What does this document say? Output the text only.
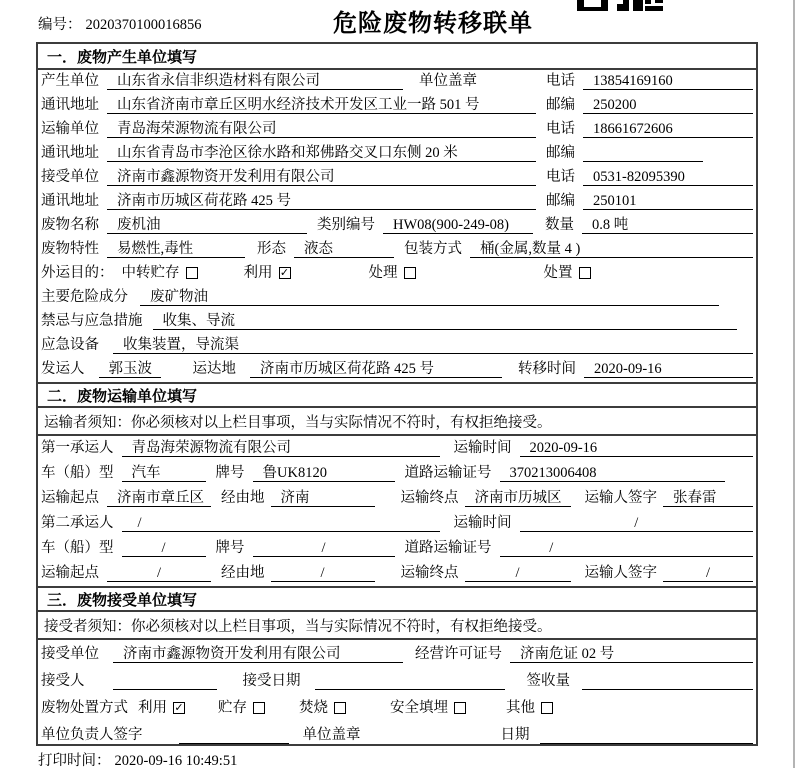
编号： 2020370100016856	危险废物转移联单
一．废物产生单位填写
产生单位	山东省永信非织造材料有限公司	单位盖章	电话	13854169160
通讯地址	山东省济南市章丘区明水经济技术开发区工业一路 501 号	邮编	250200
运输单位	青岛海荣源物流有限公司	电话	18661672606
通讯地址	山东省青岛市李沧区徐水路和郑佛路交叉口东侧 20 米	邮编
接受单位	济南市鑫源物资开发利用有限公司	电话	0531-82095390
通讯地址	济南市历城区荷花路 425 号	邮编	250101
废物名称	废机油	类别编号	HW08(900-249-08)	数量	0.8 吨
废物特性	易燃性,毒性	形态	液态	包装方式	桶(金属,数量 4 )
外运目的： 中转贮存	利用 ✓	处理	处置
主要危险成分	废矿物油
禁忌与应急措施	收集、导流
应急设备	收集装置，导流渠
发运人	郭玉波	运达地	济南市历城区荷花路 425 号	转移时间	2020-09-16
二．废物运输单位填写
运输者须知：你必须核对以上栏目事项，当与实际情况不符时，有权拒绝接受。
第一承运人	青岛海荣源物流有限公司	运输时间	2020-09-16
车（船）型	汽车	牌号	鲁UK8120	道路运输证号	370213006408
运输起点	济南市章丘区	经由地	济南	运输终点	济南市历城区	运输人签字	张春雷
第二承运人	/	运输时间	/
车（船）型	/	牌号	/	道路运输证号	/
运输起点	/	经由地	/	运输终点	/	运输人签字	/
三．废物接受单位填写
接受者须知：你必须核对以上栏目事项，当与实际情况不符时，有权拒绝接受。
接受单位	济南市鑫源物资开发利用有限公司	经营许可证号	济南危证 02 号
接受人	接受日期	签收量
废物处置方式 利用 ✓ 贮存	焚烧	安全填埋	其他
单位负责人签字	单位盖章	日期
打印时间： 2020-09-16 10:49:51
